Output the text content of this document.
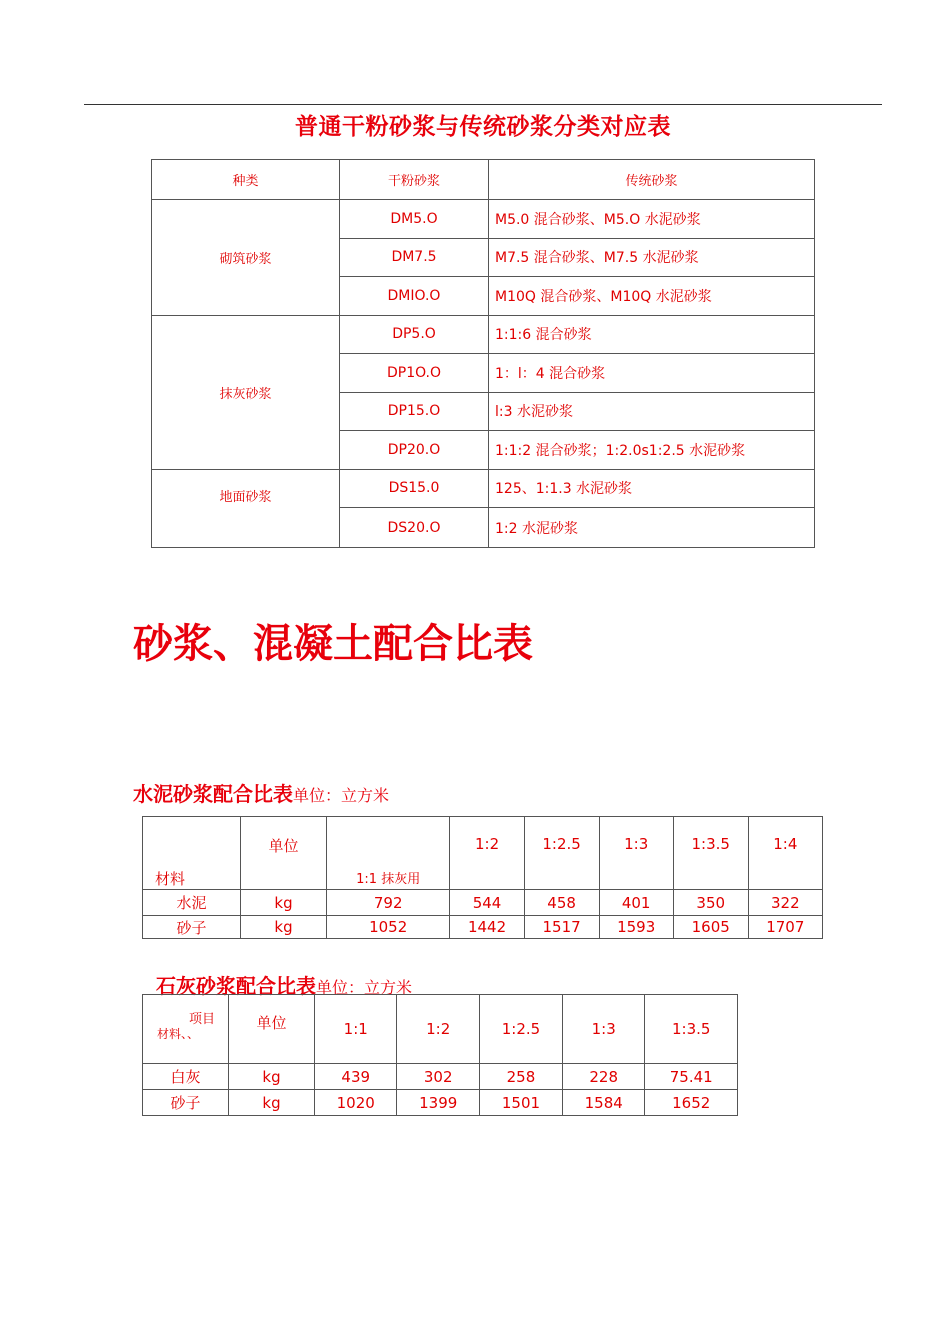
普通干粉砂浆与传统砂浆分类对应表
种类	干粉砂浆	传统砂浆
砌筑砂浆	DM5.O	M5.0 混合砂浆、M5.O 水泥砂浆
	DM7.5	M7.5 混合砂浆、M7.5 水泥砂浆
	DMIO.O	M10Q 混合砂浆、M10Q 水泥砂浆
抹灰砂浆	DP5.O	1:1:6 混合砂浆
	DP1O.O	1：l：4 混合砂浆
	DP15.O	l:3 水泥砂浆
	DP20.O	1:1:2 混合砂浆；1:2.0s1:2.5 水泥砂浆
地面砂浆	DS15.0	125、1:1.3 水泥砂浆
	DS20.O	1:2 水泥砂浆
砂浆、混凝土配合比表
水泥砂浆配合比表单位：立方米
材料	单位	1:1 抹灰用	1:2	1:2.5	1:3	1:3.5	1:4
水泥	kg	792	544	458	401	350	322
砂子	kg	1052	1442	1517	1593	1605	1707
石灰砂浆配合比表单位：立方米
项目
材料、、	单位	1:1	1:2	1:2.5	1:3	1:3.5
白灰	kg	439	302	258	228	75.41
砂子	kg	1020	1399	1501	1584	1652
